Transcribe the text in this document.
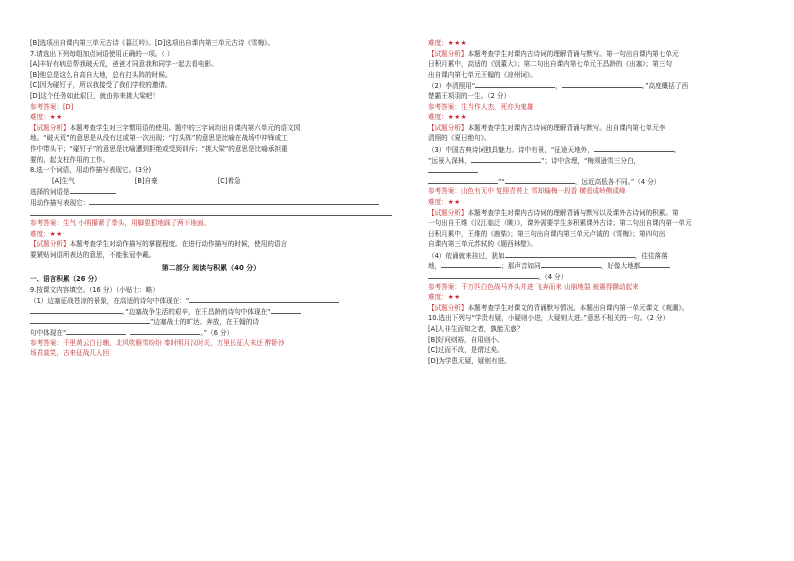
[B]选项出自课内第三单元古诗《暮江吟》。[D]选项出自课内第三单元古诗《雪梅》。
7.请选出下列每组加点词语使用正确的一项。（ ）
[A]丰好有病总帮我破天荒，爸爸才同意我和同学一起去看电影。
[B]他总是这么自高自大地，总有打头阵的时候。
[C]因为碰钉子，所以我接受了我们学校的邀请。
[D]这个任务如此艰巨，就由你来挑大梁吧！
参考答案：[D]
难度：★★
【试题分析】本题考查学生对三字惯用语的使用。题中的三字词均出自课内第六单元的语文园
地。“破天荒”的意思是从没有过或第一次出现；“打头阵”的意思是比喻在战场中冲锋或工
作中带头干；“碰钉子”的意思是比喻遭到拒绝或受到训斥；“挑大梁”的意思是比喻承担重
要的、起支柱作用的工作。
8.选一个词语，用动作描写表现它。(3分)
[A]生气	[B]自豪	[C]着急
选择的词语是
用动作描写表现它：
参考答案：生气 小明攥紧了拳头，用脚狠狠地踩了两下地面。
难度：★★
【试题分析】本题考查学生对动作描写的掌握程度。在进行动作描写的时候，使用的语言
要紧贴词语所表达的意思，不能张冠李戴。
第二部分 阅读与积累（40 分）
一、语言积累（26 分）
9.按课文内容填空。（16 分）（小贴士：略）
（1）边塞征战苍凉的景象，在高适的诗句中体现在：“
。”边塞战争生活的艰辛，在王昌龄的诗句中体现在“
”边塞战士的旷达、奔放，在王翰的诗
句中体现在“	。”（6 分）
参考答案：千里黄云白日曛，北风吹雁雪纷纷 秦时明月汉时关，万里长征人未还 醉卧沙
场君莫笑，古来征战几人回
难度：★★★
【试题分析】本题考查学生对课内古诗词的理解背诵与默写。第一句出自课内第七单元
日积月累中，高适的《别董大》；第二句出自课内第七单元王昌龄的《出塞》；第三句
出自课内第七单元王翰的《凉州词》。
（2）李清照用“	，	。”高度概括了西
楚霸王项羽的一生。（2 分）
参考答案：生当作人杰，死亦为鬼雄
难度：★★★
【试题分析】本题考查学生对课内古诗词的理解背诵与默写。出自课内第七单元李
清照的《夏日绝句》。
（3）中国古典诗词独具魅力。诗中有景，“征途天地外，	。
”远景入深林，	”；诗中含理，“梅须逊雪三分白，
”“	，远近高低各不同。”（4 分）
参考答案：山色有无中 复照青苔上 雪却输梅一段香 横看成岭侧成峰
难度：★★
【试题分析】本题考查学生对课内古诗词的理解背诵与默写以及课外古诗词的积累。第
一句出自王维《汉江临泛（眺）》，课外需要学生多积累课外古诗；第二句出自课内第一单元
日积月累中，王维的《鹿柴》；第三句出自课内第三单元卢钺的《雪梅》；第四句出
自课内第三单元苏轼的《题西林壁》。
（4）依诵就来挂过，犹如	，往往落落
地，	；那声音如同	，好像大地都
。（4 分）
参考答案：千万匹白色战马齐头并进 飞奔而来 山崩地裂 被震得颤动起来
难度：★★
【试题分析】本题考查学生对课文的背诵默写情况。本题出自课内第一单元课文《观潮》。
10.选出下列与“学贵有疑，小疑则小进，大疑则大进。”意思不相关的一句。（2 分）
[A]人非生而知之者，孰能无惑？
[B]好问则裕，自用则小。
[C]过而不改，是谓过矣。
[D]为学患无疑，疑则有进。
